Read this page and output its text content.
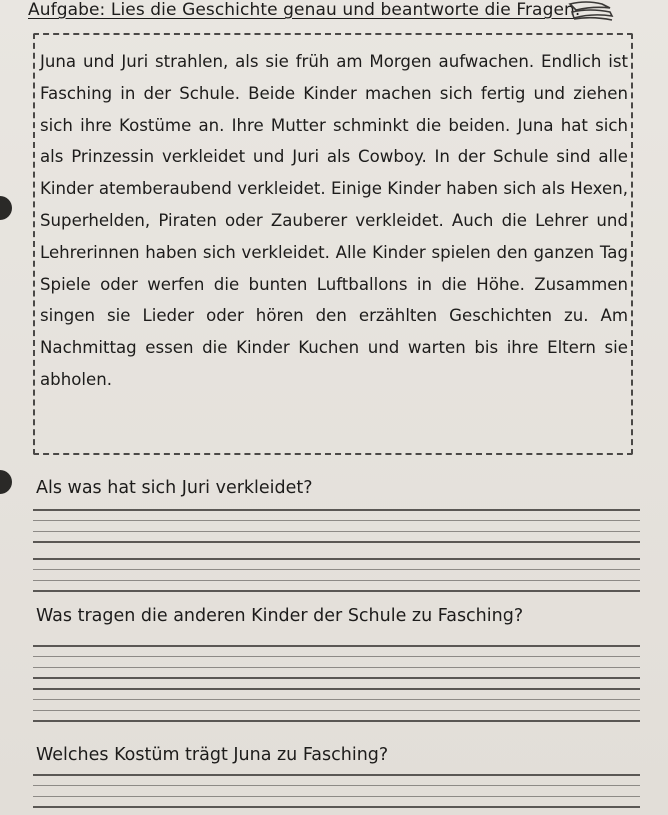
Aufgabe: Lies die Geschichte genau und beantworte die Fragen.

Juna und Juri strahlen, als sie früh am Morgen aufwachen. Endlich ist Fasching in der Schule. Beide Kinder machen sich fertig und ziehen sich ihre Kostüme an. Ihre Mutter schminkt die beiden. Juna hat sich als Prinzessin verkleidet und Juri als Cowboy. In der Schule sind alle Kinder atemberaubend verkleidet. Einige Kinder haben sich als Hexen, Superhelden, Piraten oder Zauberer verkleidet. Auch die Lehrer und Lehrerinnen haben sich verkleidet. Alle Kinder spielen den ganzen Tag Spiele oder werfen die bunten Luftballons in die Höhe. Zusammen singen sie Lieder oder hören den erzählten Geschichten zu. Am Nachmittag essen die Kinder Kuchen und warten bis ihre Eltern sie abholen.

Als was hat sich Juri verkleidet?
Was tragen die anderen Kinder der Schule zu Fasching?
Welches Kostüm trägt Juna zu Fasching?
